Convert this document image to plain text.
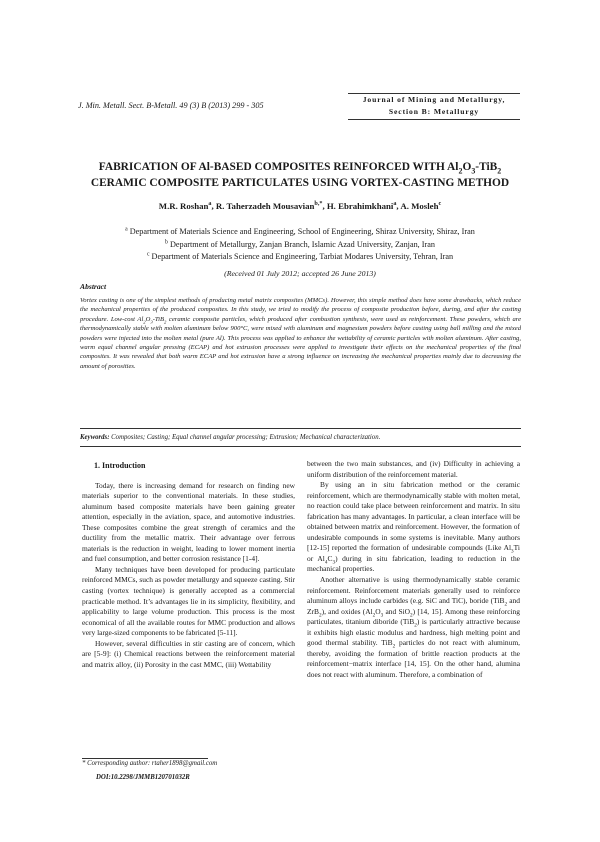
J. Min. Metall. Sect. B-Metall. 49 (3) B (2013) 299 - 305
Journal of Mining and Metallurgy,
Section B: Metallurgy
FABRICATION OF Al-BASED COMPOSITES REINFORCED WITH $Al_2O_3-TiB_2$
CERAMIC COMPOSITE PARTICULATES USING VORTEX-CASTING METHOD
M.R. Roshan$^a$, R. Taherzadeh Mousavian$^{b,*}$, H. Ebrahimkhani$^a$, A. Mosleh$^c$
$^a$ Department of Materials Science and Engineering, School of Engineering, Shiraz University, Shiraz, Iran
$^b$ Department of Metallurgy, Zanjan Branch, Islamic Azad University, Zanjan, Iran
$^c$ Department of Materials Science and Engineering, Tarbiat Modares University, Tehran, Iran
(Received 01 July 2012; accepted 26 June 2013)
Abstract
Vortex casting is one of the simplest methods of producing metal matrix composites (MMCs). However, this simple method does have some drawbacks, which reduce the mechanical properties of the produced composites. In this study, we tried to modify the process of composite production before, during, and after the casting procedure. Low-cost $Al_2O_3-TiB_2$ ceramic composite particles, which produced after combustion synthesis, were used as reinforcement. These powders, which are thermodynamically stable with molten aluminum below 900°C, were mixed with aluminum and magnesium powders before casting using ball milling and the mixed powders were injected into the molten metal (pure Al). This process was applied to enhance the wettability of ceramic particles with molten aluminum. After casting, warm equal channel angular pressing (ECAP) and hot extrusion processes were applied to investigate their effects on the mechanical properties of the final composites. It was revealed that both warm ECAP and hot extrusion have a strong influence on increasing the mechanical properties mainly due to decreasing the amount of porosities.
Keywords: Composites; Casting; Equal channel angular processing; Extrusion; Mechanical characterization.
1. Introduction

Today, there is increasing demand for research on finding new materials superior to the conventional materials. In these studies, aluminum based composite materials have been gaining greater attention, especially in the aviation, space, and automotive industries. These composites combine the great strength of ceramics and the ductility from the metallic matrix. Their advantage over ferrous materials is the reduction in weight, leading to lower moment inertia and fuel consumption, and better corrosion resistance [1-4].

Many techniques have been developed for producing particulate reinforced MMCs, such as powder metallurgy and squeeze casting. Stir casting (vortex technique) is generally accepted as a commercial practicable method. It’s advantages lie in its simplicity, flexibility, and applicability to large volume production. This process is the most economical of all the available routes for MMC production and allows very large-sized components to be fabricated [5-11].

However, several difficulties in stir casting are of concern, which are [5-9]: (i) Chemical reactions between the reinforcement material and matrix alloy, (ii) Porosity in the cast MMC, (iii) Wettability

between the two main substances, and (iv) Difficulty in achieving a uniform distribution of the reinforcement material.

By using an in situ fabrication method or the ceramic reinforcement, which are thermodynamically stable with molten metal, no reaction could take place between reinforcement and matrix. In situ fabrication has many advantages. In particular, a clean interface will be obtained between matrix and reinforcement. However, the formation of undesirable compounds in some systems is inevitable. Many authors [12-15] reported the formation of undesirable compounds (Like $Al_3Ti$ or $Al_4C_3$) during in situ fabrication, leading to reduction in the mechanical properties.

Another alternative is using thermodynamically stable ceramic reinforcement. Reinforcement materials generally used to reinforce aluminum alloys include carbides (e.g. SiC and TiC), boride (TiB$_2$ and ZrB$_2$), and oxides ($Al_2O_3$ and SiO$_2$) [14, 15]. Among these reinforcing particulates, titanium diboride (TiB$_2$) is particularly attractive because it exhibits high elastic modulus and hardness, high melting point and good thermal stability. TiB$_2$ particles do not react with aluminum, thereby, avoiding the formation of brittle reaction products at the reinforcement−matrix interface [14, 15]. On the other hand, alumina does not react with aluminum. Therefore, a combination of

* Corresponding author: rtaher1898@gmail.com
DOI:10.2298/JMMB120701032R
